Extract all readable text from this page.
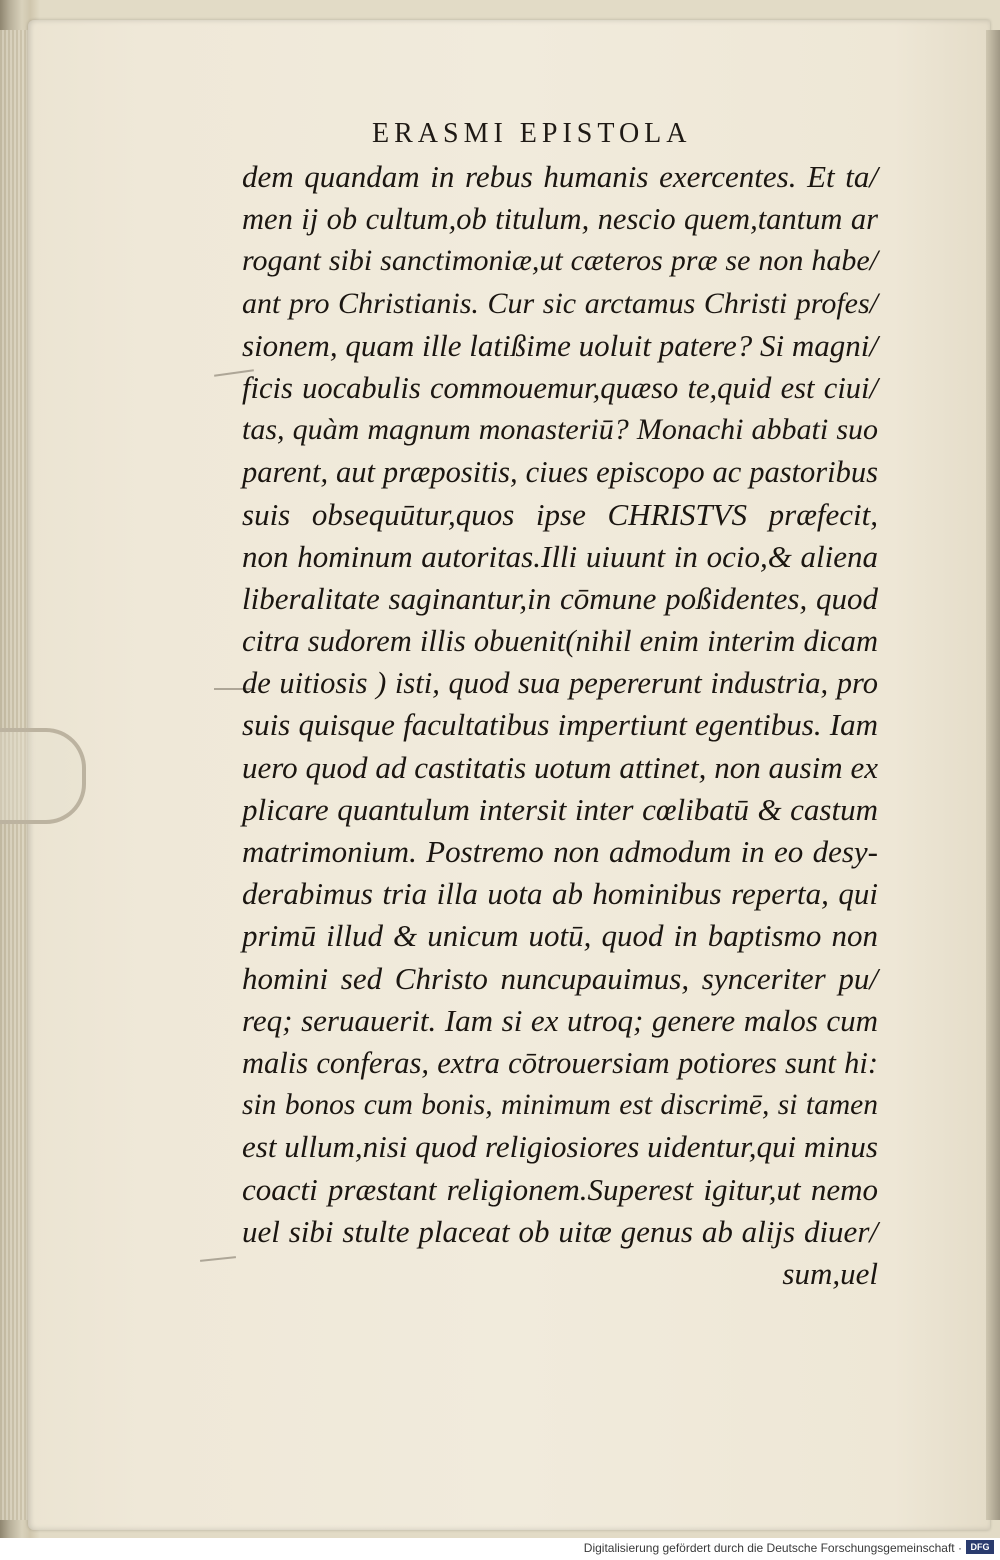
ERASMI EPISTOLA
dem quandam in rebus humanis exercentes. Et ta/
men ij ob cultum,ob titulum, nescio quem,tantum ar
rogant sibi sanctimoniæ,ut cæteros præ se non habe/
ant pro Christianis. Cur sic arctamus Christi profes/
sionem, quam ille latißime uoluit patere? Si magni/
ficis uocabulis commouemur,quæso te,quid est ciui/
tas, quàm magnum monasteriū? Monachi abbati suo
parent, aut præpositis, ciues episcopo ac pastoribus
suis obsequūtur,quos ipse CHRISTVS præfecit,
non hominum autoritas.Illi uiuunt in ocio,& aliena
liberalitate saginantur,in cōmune poßidentes, quod
citra sudorem illis obuenit(nihil enim interim dicam
de uitiosis ) isti, quod sua pepererunt industria, pro
suis quisque facultatibus impertiunt egentibus. Iam
uero quod ad castitatis uotum attinet, non ausim ex
plicare quantulum intersit inter cœlibatū & castum
matrimonium. Postremo non admodum in eo desy-
derabimus tria illa uota ab hominibus reperta, qui
primū illud & unicum uotū, quod in baptismo non
homini sed Christo nuncupauimus, synceriter pu/
req; seruauerit. Iam si ex utroq; genere malos cum
malis conferas, extra cōtrouersiam potiores sunt hi:
sin bonos cum bonis, minimum est discrimē, si tamen
est ullum,nisi quod religiosiores uidentur,qui minus
coacti præstant religionem.Superest igitur,ut nemo
uel sibi stulte placeat ob uitæ genus ab alijs diuer/
sum,uel
Digitalisierung gefördert durch die Deutsche Forschungsgemeinschaft · DFG
